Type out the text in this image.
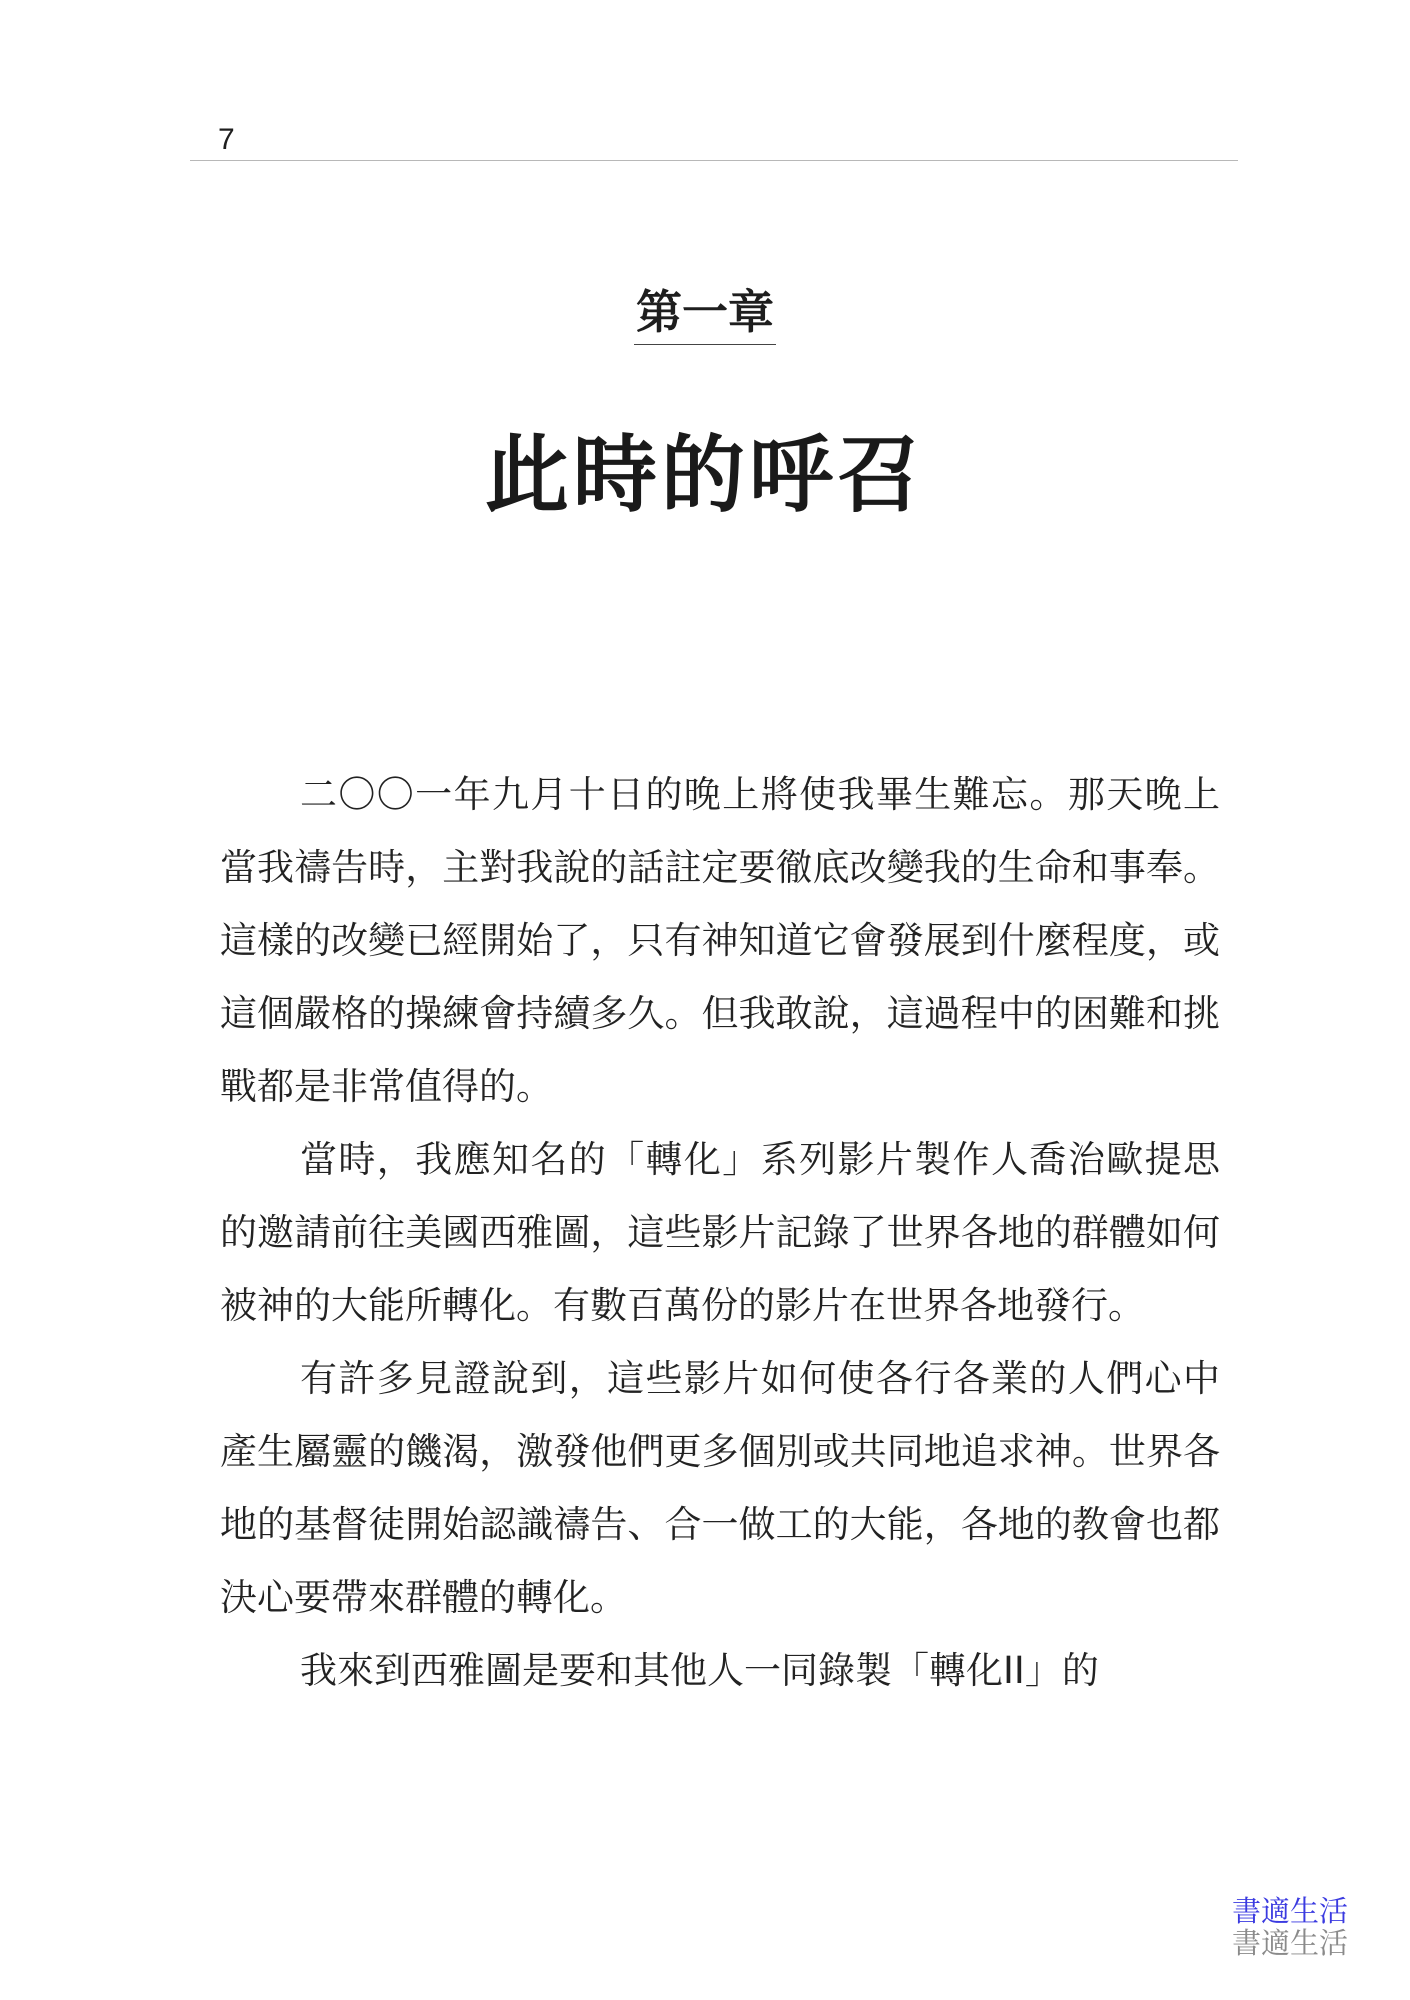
7
第一章
此時的呼召

二〇〇一年九月十日的晚上將使我畢生難忘。那天晚上當我禱告時，主對我說的話註定要徹底改變我的生命和事奉。這樣的改變已經開始了，只有神知道它會發展到什麼程度，或這個嚴格的操練會持續多久。但我敢說，這過程中的困難和挑戰都是非常值得的。

當時，我應知名的「轉化」系列影片製作人喬治歐提思的邀請前往美國西雅圖，這些影片記錄了世界各地的群體如何被神的大能所轉化。有數百萬份的影片在世界各地發行。

有許多見證說到，這些影片如何使各行各業的人們心中產生屬靈的饑渴，激發他們更多個別或共同地追求神。世界各地的基督徒開始認識禱告、合一做工的大能，各地的教會也都決心要帶來群體的轉化。

我來到西雅圖是要和其他人一同錄製「轉化II」的

書適生活
書適生活
